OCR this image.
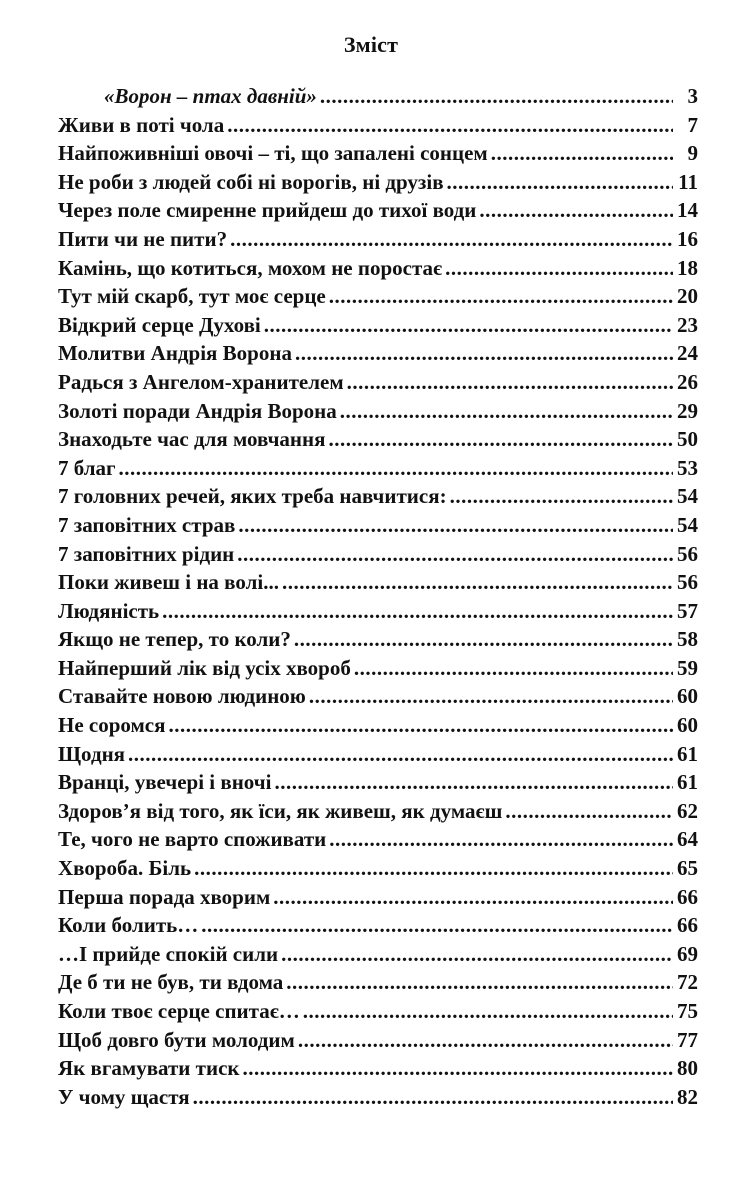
Зміст
«Ворон – птах давній» .....	3
Живи в поті чола .....	7
Найпоживніші овочі – ті, що запалені сонцем .....	9
Не роби з людей собі ні ворогів, ні друзів .....	11
Через поле смиренне прийдеш до тихої води .....	14
Пити чи не пити? .....	16
Камінь, що котиться, мохом не поростає .....	18
Тут мій скарб, тут моє серце .....	20
Відкрий серце Духові .....	23
Молитви Андрія Ворона .....	24
Радься з Ангелом-хранителем .....	26
Золоті поради Андрія Ворона .....	29
Знаходьте час для мовчання .....	50
7 благ .....	53
7 головних речей, яких треба навчитися: .....	54
7 заповітних страв .....	54
7 заповітних рідин .....	56
Поки живеш і на волі... .....	56
Людяність .....	57
Якщо не тепер, то коли? .....	58
Найперший лік від усіх хвороб .....	59
Ставайте новою людиною .....	60
Не соромся .....	60
Щодня .....	61
Вранці, увечері і вночі .....	61
Здоров’я від того, як їси, як живеш, як думаєш .....	62
Те, чого не варто споживати .....	64
Хвороба. Біль .....	65
Перша порада хворим .....	66
Коли болить… .....	66
…І прийде спокій сили .....	69
Де б ти не був, ти вдома .....	72
Коли твоє серце спитає… .....	75
Щоб довго бути молодим .....	77
Як вгамувати тиск .....	80
У чому щастя .....	82
